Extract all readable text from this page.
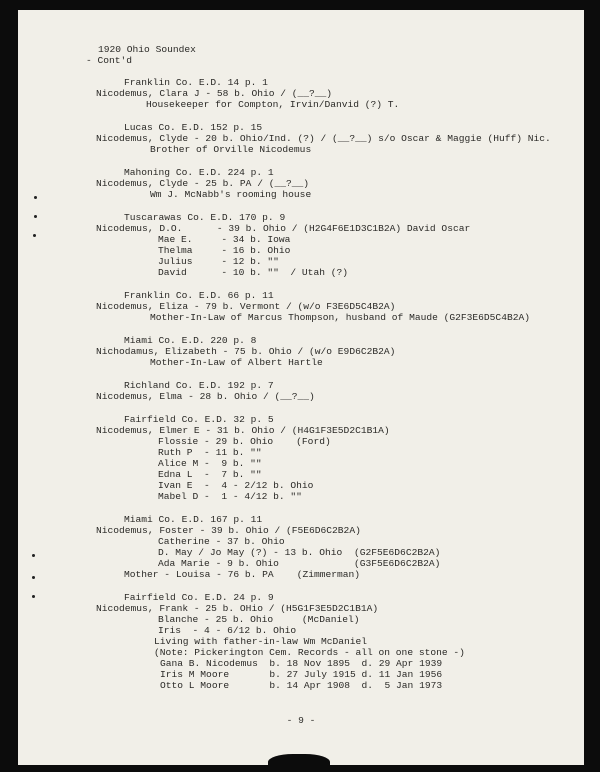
1920 Ohio Soundex
- Cont'd
Franklin Co. E.D. 14 p. 1
Nicodemus, Clara J - 58 b. Ohio / (__?__)
Housekeeper for Compton, Irvin/Danvid (?) T.
Lucas Co. E.D. 152 p. 15
Nicodemus, Clyde - 20 b. Ohio/Ind. (?) / (__?__) s/o Oscar & Maggie (Huff) Nic.
Brother of Orville Nicodemus
Mahoning Co. E.D. 224 p. 1
Nicodemus, Clyde - 25 b. PA / (__?__)
Wm J. McNabb's rooming house
Tuscarawas Co. E.D. 170 p. 9
Nicodemus, D.O.      - 39 b. Ohio / (H2G4F6E1D3C1B2A) David Oscar
Mae E.     - 34 b. Iowa
Thelma     - 16 b. Ohio
Julius     - 12 b. ""
David      - 10 b. ""  / Utah (?)
Franklin Co. E.D. 66 p. 11
Nicodemus, Eliza - 79 b. Vermont / (w/o F3E6D5C4B2A)
Mother-In-Law of Marcus Thompson, husband of Maude (G2F3E6D5C4B2A)
Miami Co. E.D. 220 p. 8
Nichodamus, Elizabeth - 75 b. Ohio / (w/o E9D6C2B2A)
Mother-In-Law of Albert Hartle
Richland Co. E.D. 192 p. 7
Nicodemus, Elma - 28 b. Ohio / (__?__)
Fairfield Co. E.D. 32 p. 5
Nicodemus, Elmer E - 31 b. Ohio / (H4G1F3E5D2C1B1A)
Flossie - 29 b. Ohio    (Ford)
Ruth P  - 11 b. ""
Alice M -  9 b. ""
Edna L  -  7 b. ""
Ivan E  -  4 - 2/12 b. Ohio
Mabel D -  1 - 4/12 b. ""
Miami Co. E.D. 167 p. 11
Nicodemus, Foster - 39 b. Ohio / (F5E6D6C2B2A)
Catherine - 37 b. Ohio
D. May / Jo May (?) - 13 b. Ohio (G2F5E6D6C2B2A)
Ada Marie - 9 b. Ohio	(G3F5E6D6C2B2A)
Mother - Louisa - 76 b. PA    (Zimmerman)
Fairfield Co. E.D. 24 p. 9
Nicodemus, Frank - 25 b. OHio / (H5G1F3E5D2C1B1A)
Blanche - 25 b. Ohio     (McDaniel)
Iris  - 4 - 6/12 b. Ohio
Living with father-in-law Wm McDaniel
(Note: Pickerington Cem. Records - all on one stone -)
Gana B. Nicodemus  b. 18 Nov 1895  d. 29 Apr 1939
Iris M Moore       b. 27 July 1915 d. 11 Jan 1956
Otto L Moore       b. 14 Apr 1908  d.  5 Jan 1973
- 9 -
